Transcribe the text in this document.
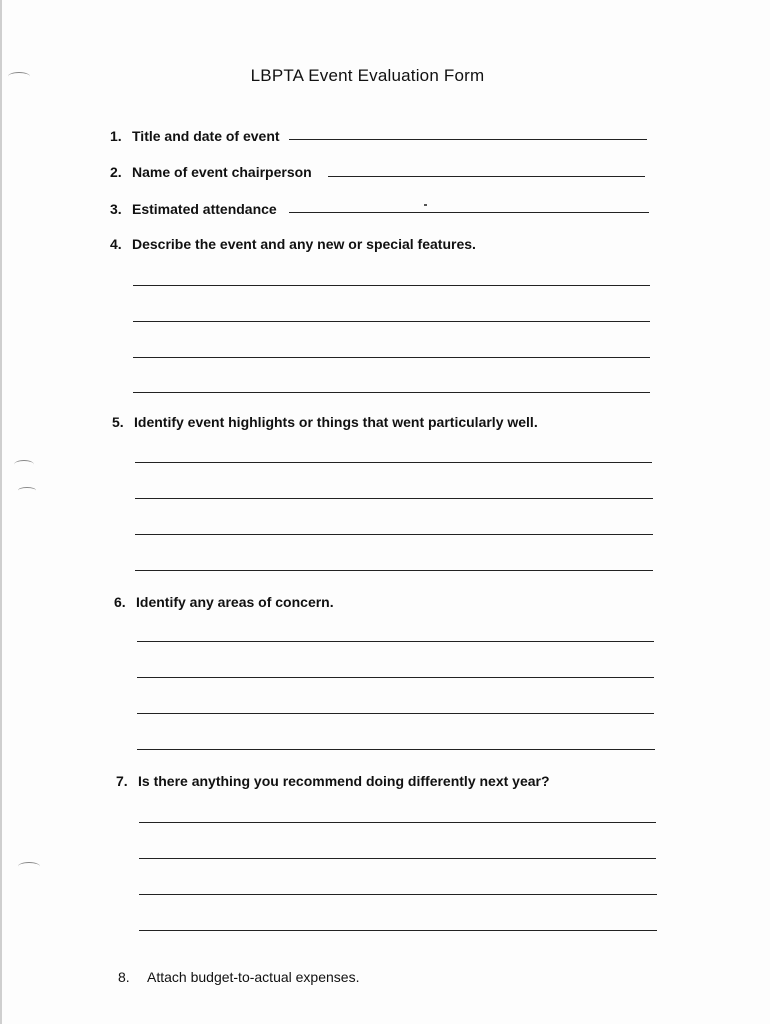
LBPTA Event Evaluation Form
1. Title and date of event
2. Name of event chairperson
3. Estimated attendance
4. Describe the event and any new or special features.
5. Identify event highlights or things that went particularly well.
6. Identify any areas of concern.
7. Is there anything you recommend doing differently next year?
8. Attach budget-to-actual expenses.
